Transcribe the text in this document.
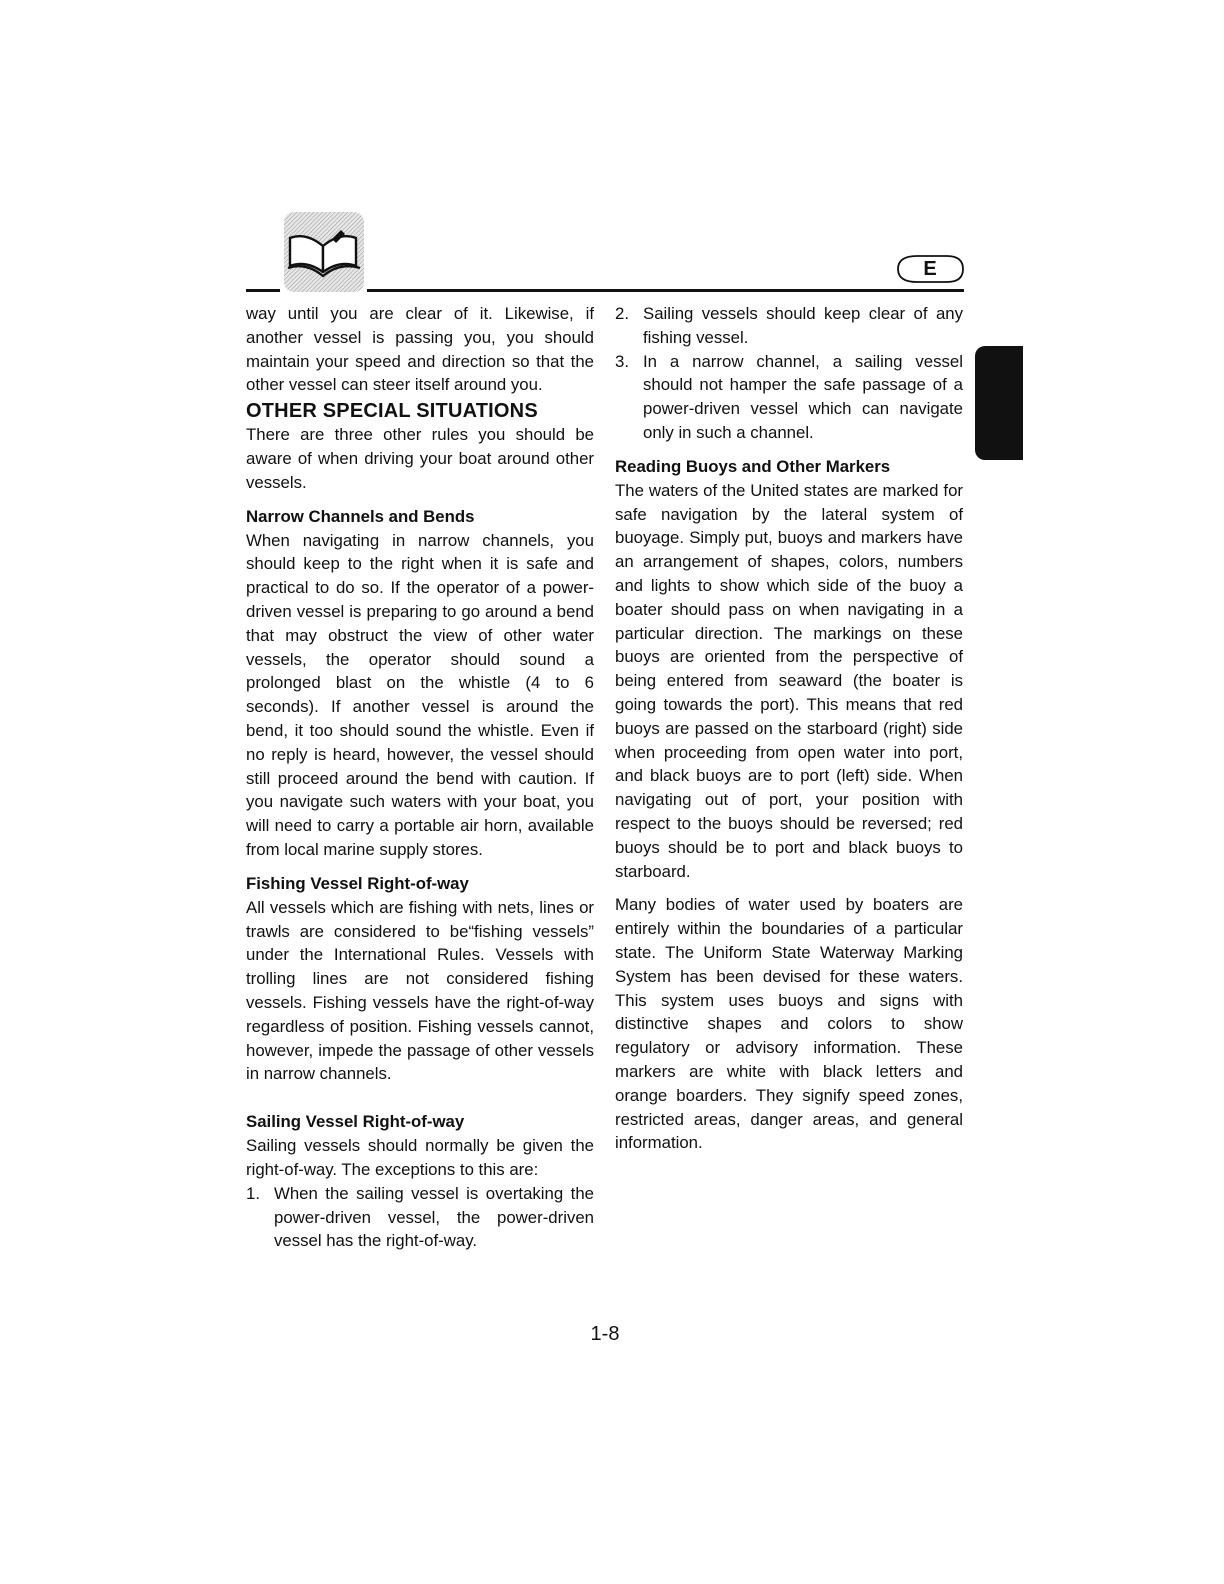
E

way until you are clear of it. Likewise, if another vessel is passing you, you should maintain your speed and direction so that the other vessel can steer itself around you.

OTHER SPECIAL SITUATIONS

There are three other rules you should be aware of when driving your boat around other vessels.

Narrow Channels and Bends

When navigating in narrow channels, you should keep to the right when it is safe and practical to do so. If the operator of a power-driven vessel is preparing to go around a bend that may obstruct the view of other water vessels, the operator should sound a prolonged blast on the whistle (4 to 6 seconds). If another vessel is around the bend, it too should sound the whistle. Even if no reply is heard, however, the vessel should still proceed around the bend with caution. If you navigate such waters with your boat, you will need to carry a portable air horn, available from local marine supply stores.

Fishing Vessel Right-of-way

All vessels which are fishing with nets, lines or trawls are considered to be“fishing vessels” under the International Rules. Vessels with trolling lines are not considered fishing vessels. Fishing vessels have the right-of-way regardless of position. Fishing vessels cannot, however, impede the passage of other vessels in narrow channels.

Sailing Vessel Right-of-way

Sailing vessels should normally be given the right-of-way. The exceptions to this are:

1. When the sailing vessel is overtaking the power-driven vessel, the power-driven vessel has the right-of-way.
2. Sailing vessels should keep clear of any fishing vessel.
3. In a narrow channel, a sailing vessel should not hamper the safe passage of a power-driven vessel which can navigate only in such a channel.
Reading Buoys and Other Markers

The waters of the United states are marked for safe navigation by the lateral system of buoyage. Simply put, buoys and markers have an arrangement of shapes, colors, numbers and lights to show which side of the buoy a boater should pass on when navigating in a particular direction. The markings on these buoys are oriented from the perspective of being entered from seaward (the boater is going towards the port). This means that red buoys are passed on the starboard (right) side when proceeding from open water into port, and black buoys are to port (left) side. When navigating out of port, your position with respect to the buoys should be reversed; red buoys should be to port and black buoys to starboard.

Many bodies of water used by boaters are entirely within the boundaries of a particular state. The Uniform State Waterway Marking System has been devised for these waters. This system uses buoys and signs with distinctive shapes and colors to show regulatory or advisory information. These markers are white with black letters and orange boarders. They signify speed zones, restricted areas, danger areas, and general information.

1-8
